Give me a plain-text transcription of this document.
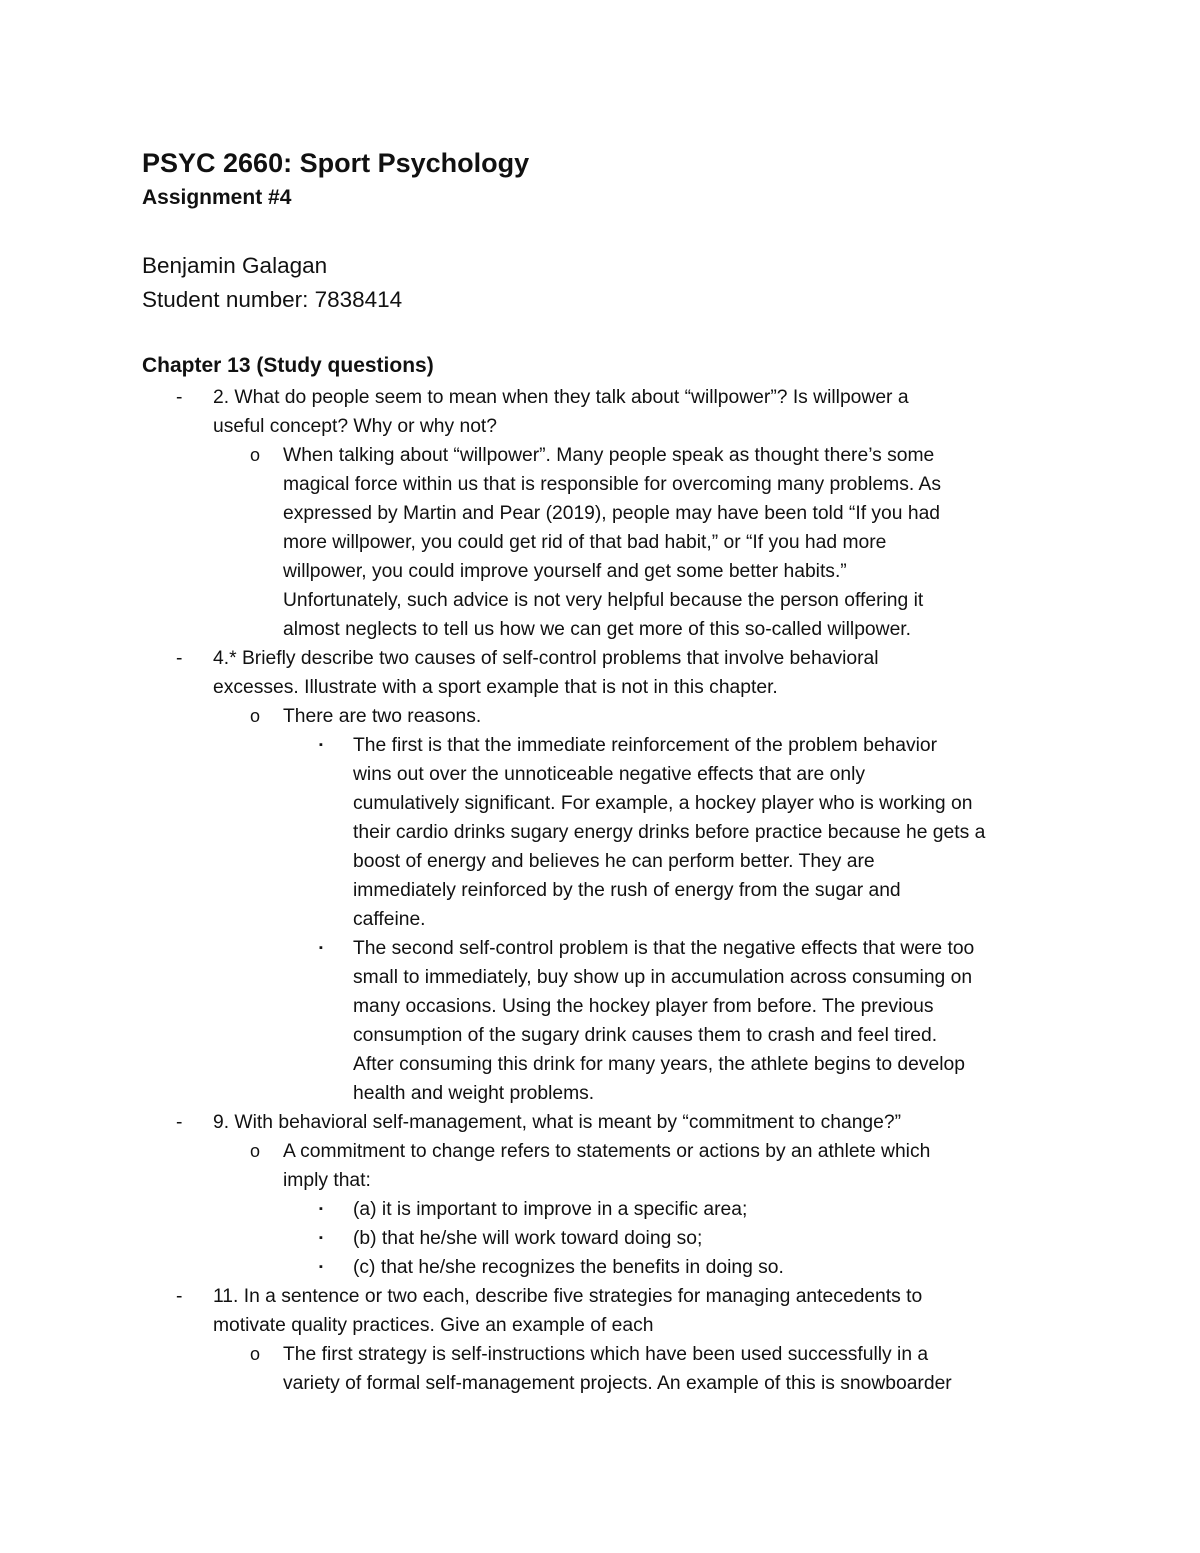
PSYC 2660: Sport Psychology
Assignment #4
Benjamin Galagan
Student number: 7838414
Chapter 13 (Study questions)
- 2. What do people seem to mean when they talk about “willpower”? Is willpower a
useful concept? Why or why not?
o When talking about “willpower”. Many people speak as thought there’s some
magical force within us that is responsible for overcoming many problems. As
expressed by Martin and Pear (2019), people may have been told “If you had
more willpower, you could get rid of that bad habit,” or “If you had more
willpower, you could improve yourself and get some better habits.”
Unfortunately, such advice is not very helpful because the person offering it
almost neglects to tell us how we can get more of this so-called willpower.
- 4.* Briefly describe two causes of self-control problems that involve behavioral
excesses. Illustrate with a sport example that is not in this chapter.
o There are two reasons.
▪ The first is that the immediate reinforcement of the problem behavior
wins out over the unnoticeable negative effects that are only
cumulatively significant. For example, a hockey player who is working on
their cardio drinks sugary energy drinks before practice because he gets a
boost of energy and believes he can perform better. They are
immediately reinforced by the rush of energy from the sugar and
caffeine.
▪ The second self-control problem is that the negative effects that were too
small to immediately, buy show up in accumulation across consuming on
many occasions. Using the hockey player from before. The previous
consumption of the sugary drink causes them to crash and feel tired.
After consuming this drink for many years, the athlete begins to develop
health and weight problems.
- 9. With behavioral self-management, what is meant by “commitment to change?”
o A commitment to change refers to statements or actions by an athlete which
imply that:
▪ (a) it is important to improve in a specific area;
▪ (b) that he/she will work toward doing so;
▪ (c) that he/she recognizes the benefits in doing so.
- 11. In a sentence or two each, describe five strategies for managing antecedents to
motivate quality practices. Give an example of each
o The first strategy is self-instructions which have been used successfully in a
variety of formal self-management projects. An example of this is snowboarder
